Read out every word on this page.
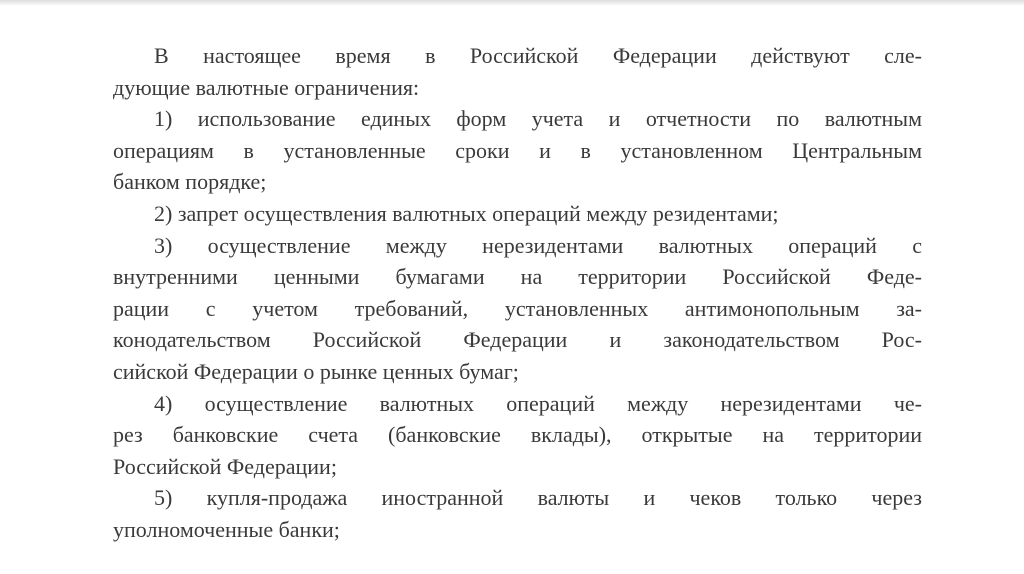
В настоящее время в Российской Федерации действуют сле-
дующие валютные ограничения:
1) использование единых форм учета и отчетности по валютным
операциям в установленные сроки и в установленном Центральным
банком порядке;
2) запрет осуществления валютных операций между резидентами;
3) осуществление между нерезидентами валютных операций с
внутренними ценными бумагами на территории Российской Феде-
рации с учетом требований, установленных антимонопольным за-
конодательством Российской Федерации и законодательством Рос-
сийской Федерации о рынке ценных бумаг;
4) осуществление валютных операций между нерезидентами че-
рез банковские счета (банковские вклады), открытые на территории
Российской Федерации;
5) купля-продажа иностранной валюты и чеков только через
уполномоченные банки;
